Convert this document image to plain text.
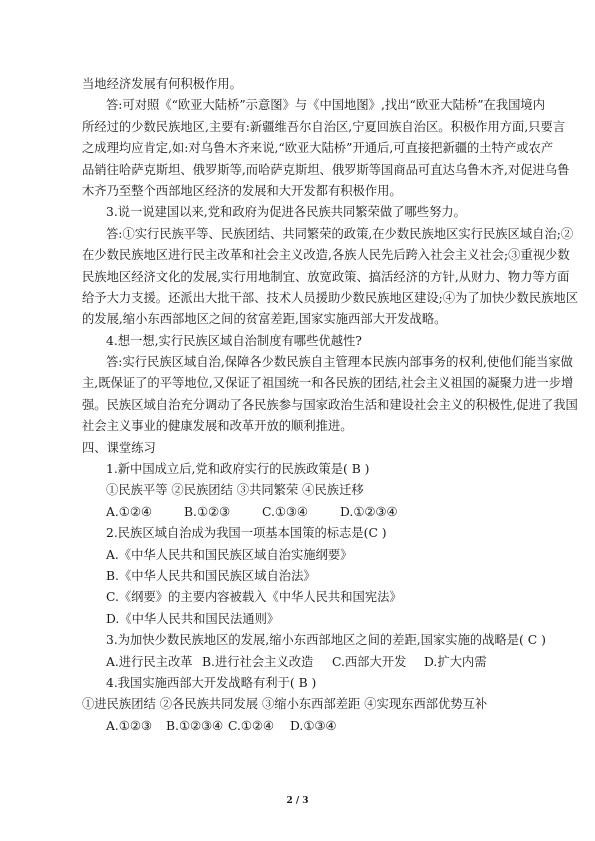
当地经济发展有何积极作用。
答:可对照《“欧亚大陆桥”示意图》与《中国地图》,找出“欧亚大陆桥”在我国境内
所经过的少数民族地区,主要有:新疆维吾尔自治区,宁夏回族自治区。积极作用方面,只要言
之成理均应肯定,如:对乌鲁木齐来说,“欧亚大陆桥”开通后,可直接把新疆的土特产或农产
品销往哈萨克斯坦、俄罗斯等,而哈萨克斯坦、俄罗斯等国商品可直达乌鲁木齐,对促进乌鲁
木齐乃至整个西部地区经济的发展和大开发都有积极作用。
3.说一说建国以来,党和政府为促进各民族共同繁荣做了哪些努力。
答:①实行民族平等、民族团结、共同繁荣的政策,在少数民族地区实行民族区域自治;②
在少数民族地区进行民主改革和社会主义改造,各族人民先后跨入社会主义社会;③重视少数
民族地区经济文化的发展,实行用地制宜、放宽政策、搞活经济的方针,从财力、物力等方面
给予大力支援。还派出大批干部、技术人员援助少数民族地区建设;④为了加快少数民族地区
的发展,缩小东西部地区之间的贫富差距,国家实施西部大开发战略。
4.想一想,实行民族区域自治制度有哪些优越性?
答:实行民族区域自治,保障各少数民族自主管理本民族内部事务的权利,使他们能当家做
主,既保证了的平等地位,又保证了祖国统一和各民族的团结,社会主义祖国的凝聚力进一步增
强。民族区域自治充分调动了各民族参与国家政治生活和建设社会主义的积极性,促进了我国
社会主义事业的健康发展和改革开放的顺利推进。
四、课堂练习
1.新中国成立后,党和政府实行的民族政策是( B )
①民族平等 ②民族团结 ③共同繁荣 ④民族迁移
A.①②④	B.①②③	C.①③④	D.①②③④
2.民族区域自治成为我国一项基本国策的标志是(C )
A.《中华人民共和国民族区域自治实施纲要》
B.《中华人民共和国民族区域自治法》
C.《纲要》的主要内容被载入《中华人民共和国宪法》
D.《中华人民共和国民法通则》
3.为加快少数民族地区的发展,缩小东西部地区之间的差距,国家实施的战略是( C )
A.进行民主改革 B.进行社会主义改造 C.西部大开发 D.扩大内需
4.我国实施西部大开发战略有利于( B )
①进民族团结 ②各民族共同发展 ③缩小东西部差距 ④实现东西部优势互补
A.①②③ B.①②③④ C.①②④ D.①③④
2 / 3
